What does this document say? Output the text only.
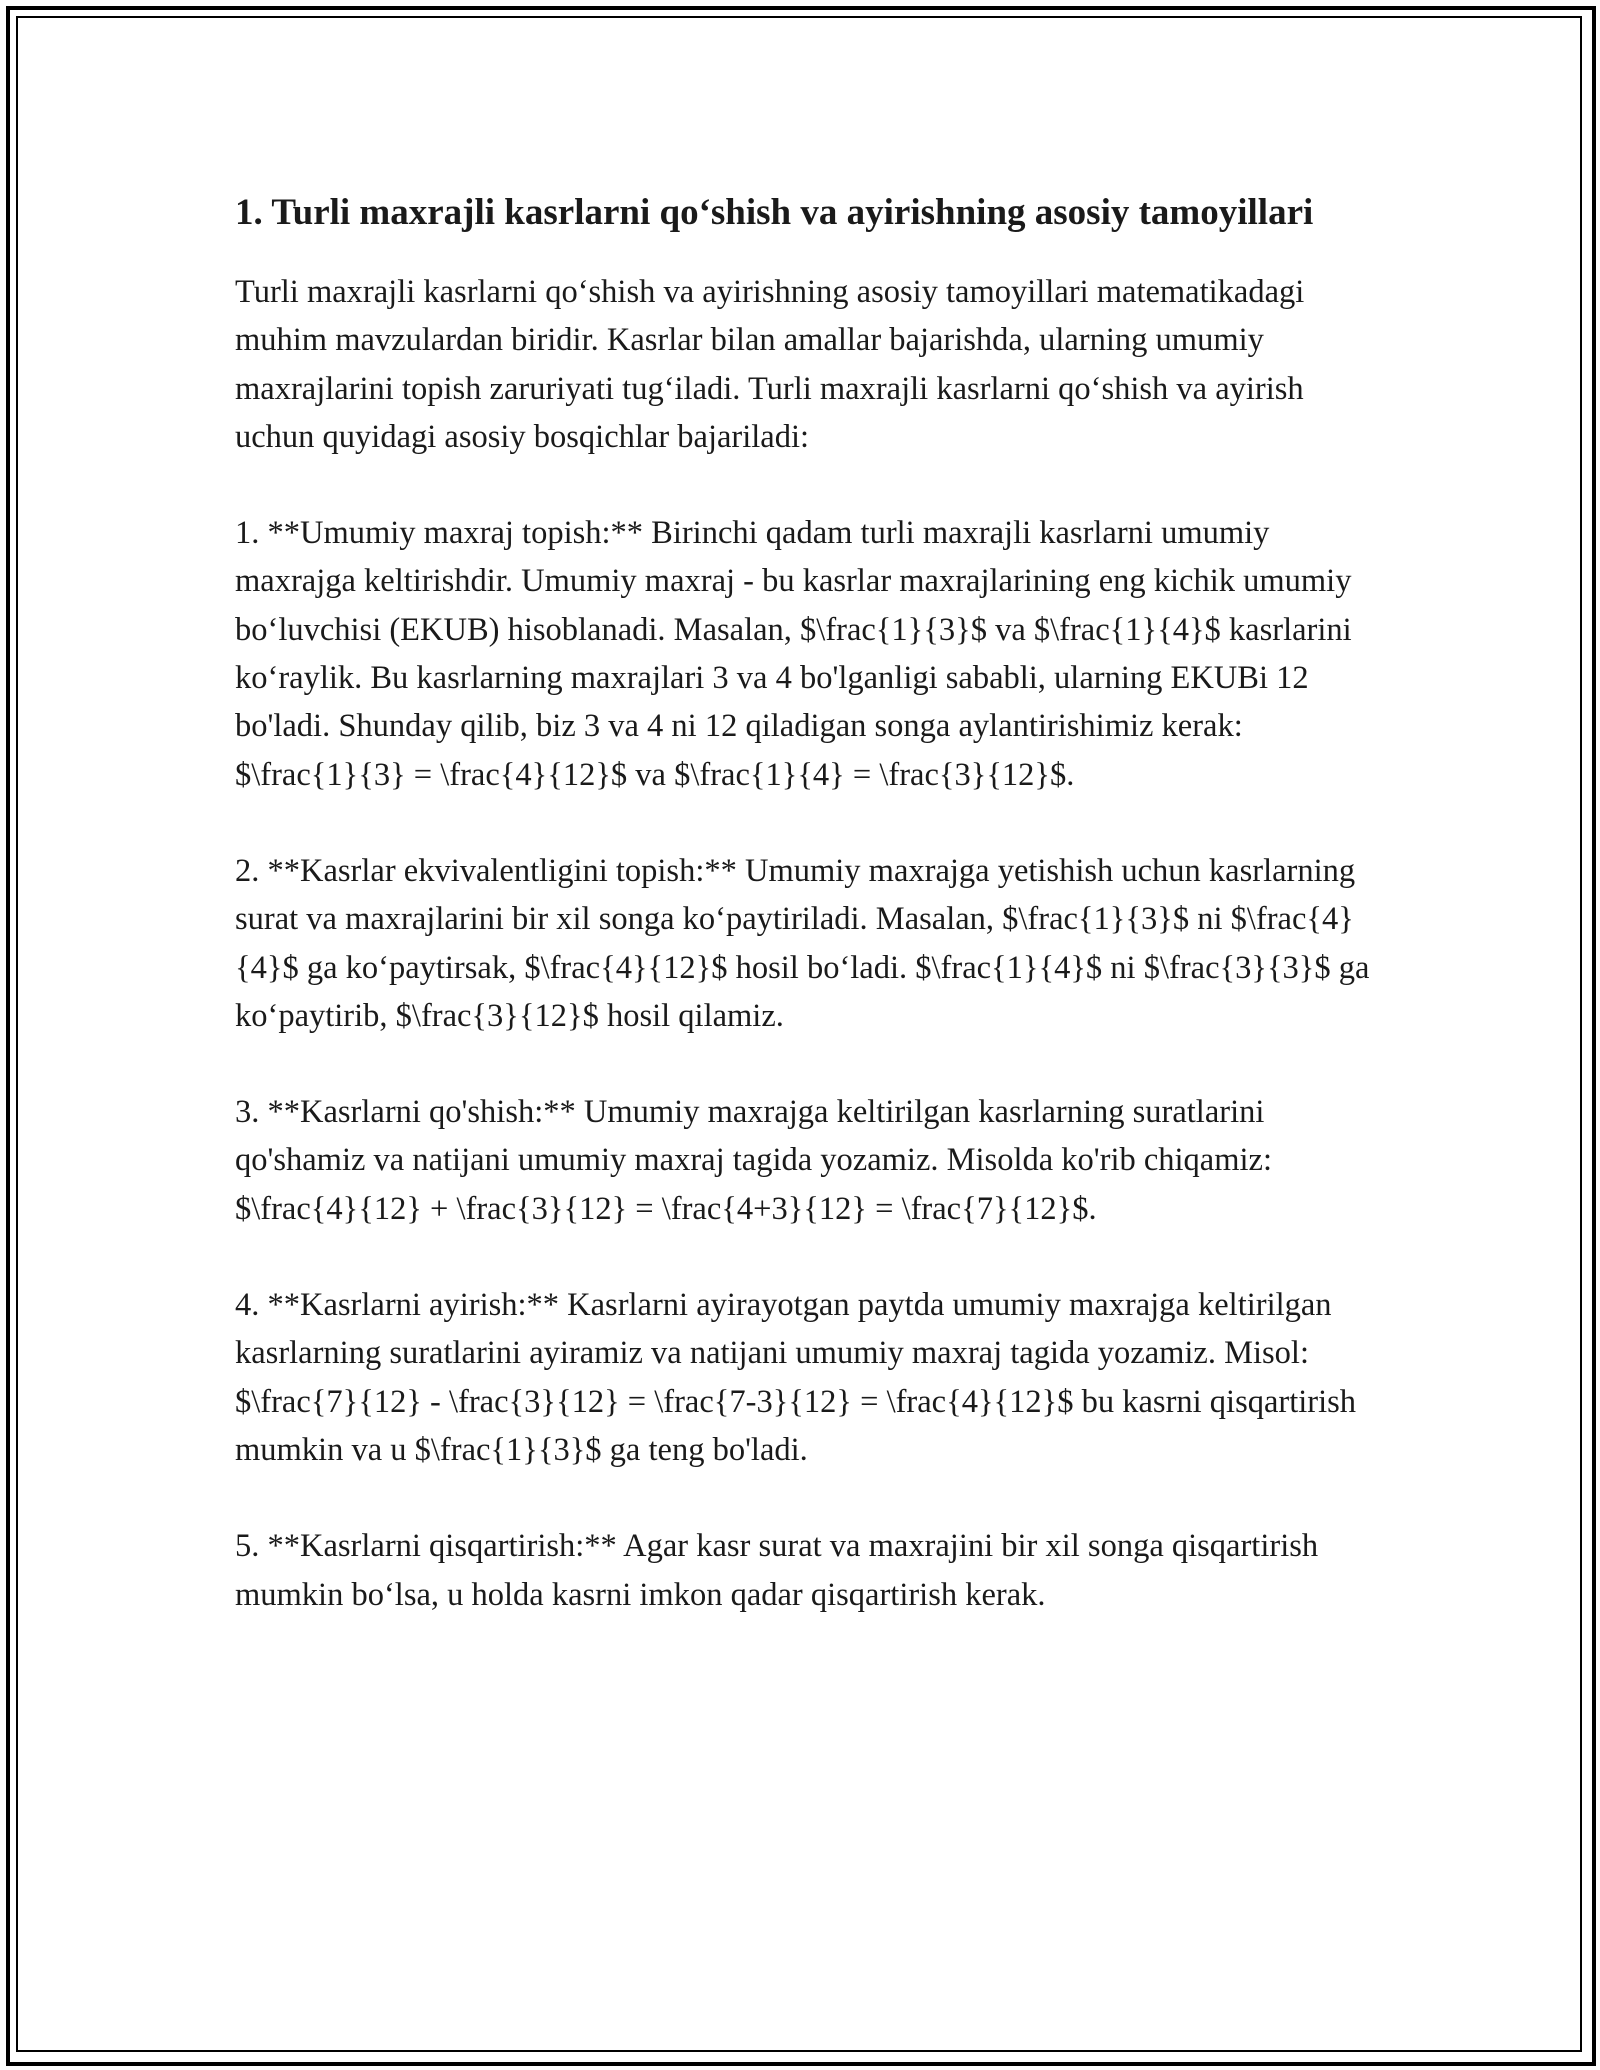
1. Turli maxrajli kasrlarni qo‘shish va ayirishning asosiy tamoyillari

Turli maxrajli kasrlarni qo‘shish va ayirishning asosiy tamoyillari matematikadagi muhim mavzulardan biridir. Kasrlar bilan amallar bajarishda, ularning umumiy maxrajlarini topish zaruriyati tug‘iladi. Turli maxrajli kasrlarni qo‘shish va ayirish uchun quyidagi asosiy bosqichlar bajariladi:

1. **Umumiy maxraj topish:** Birinchi qadam turli maxrajli kasrlarni umumiy maxrajga keltirishdir. Umumiy maxraj - bu kasrlar maxrajlarining eng kichik umumiy bo‘luvchisi (EKUB) hisoblanadi. Masalan, $\frac{1}{3}$ va $\frac{1}{4}$ kasrlarini ko‘raylik. Bu kasrlarning maxrajlari 3 va 4 bo'lganligi sababli, ularning EKUBi 12 bo'ladi. Shunday qilib, biz 3 va 4 ni 12 qiladigan songa aylantirishimiz kerak: $\frac{1}{3} = \frac{4}{12}$ va $\frac{1}{4} = \frac{3}{12}$.

2. **Kasrlar ekvivalentligini topish:** Umumiy maxrajga yetishish uchun kasrlarning surat va maxrajlarini bir xil songa ko‘paytiriladi. Masalan, $\frac{1}{3}$ ni $\frac{4}{4}$ ga ko‘paytirsak, $\frac{4}{12}$ hosil bo‘ladi. $\frac{1}{4}$ ni $\frac{3}{3}$ ga ko‘paytirib, $\frac{3}{12}$ hosil qilamiz.

3. **Kasrlarni qo'shish:** Umumiy maxrajga keltirilgan kasrlarning suratlarini qo'shamiz va natijani umumiy maxraj tagida yozamiz. Misolda ko'rib chiqamiz: $\frac{4}{12} + \frac{3}{12} = \frac{4+3}{12} = \frac{7}{12}$.

4. **Kasrlarni ayirish:** Kasrlarni ayirayotgan paytda umumiy maxrajga keltirilgan kasrlarning suratlarini ayiramiz va natijani umumiy maxraj tagida yozamiz. Misol: $\frac{7}{12} - \frac{3}{12} = \frac{7-3}{12} = \frac{4}{12}$ bu kasrni qisqartirish mumkin va u $\frac{1}{3}$ ga teng bo'ladi.

5. **Kasrlarni qisqartirish:** Agar kasr surat va maxrajini bir xil songa qisqartirish mumkin bo‘lsa, u holda kasrni imkon qadar qisqartirish kerak.
